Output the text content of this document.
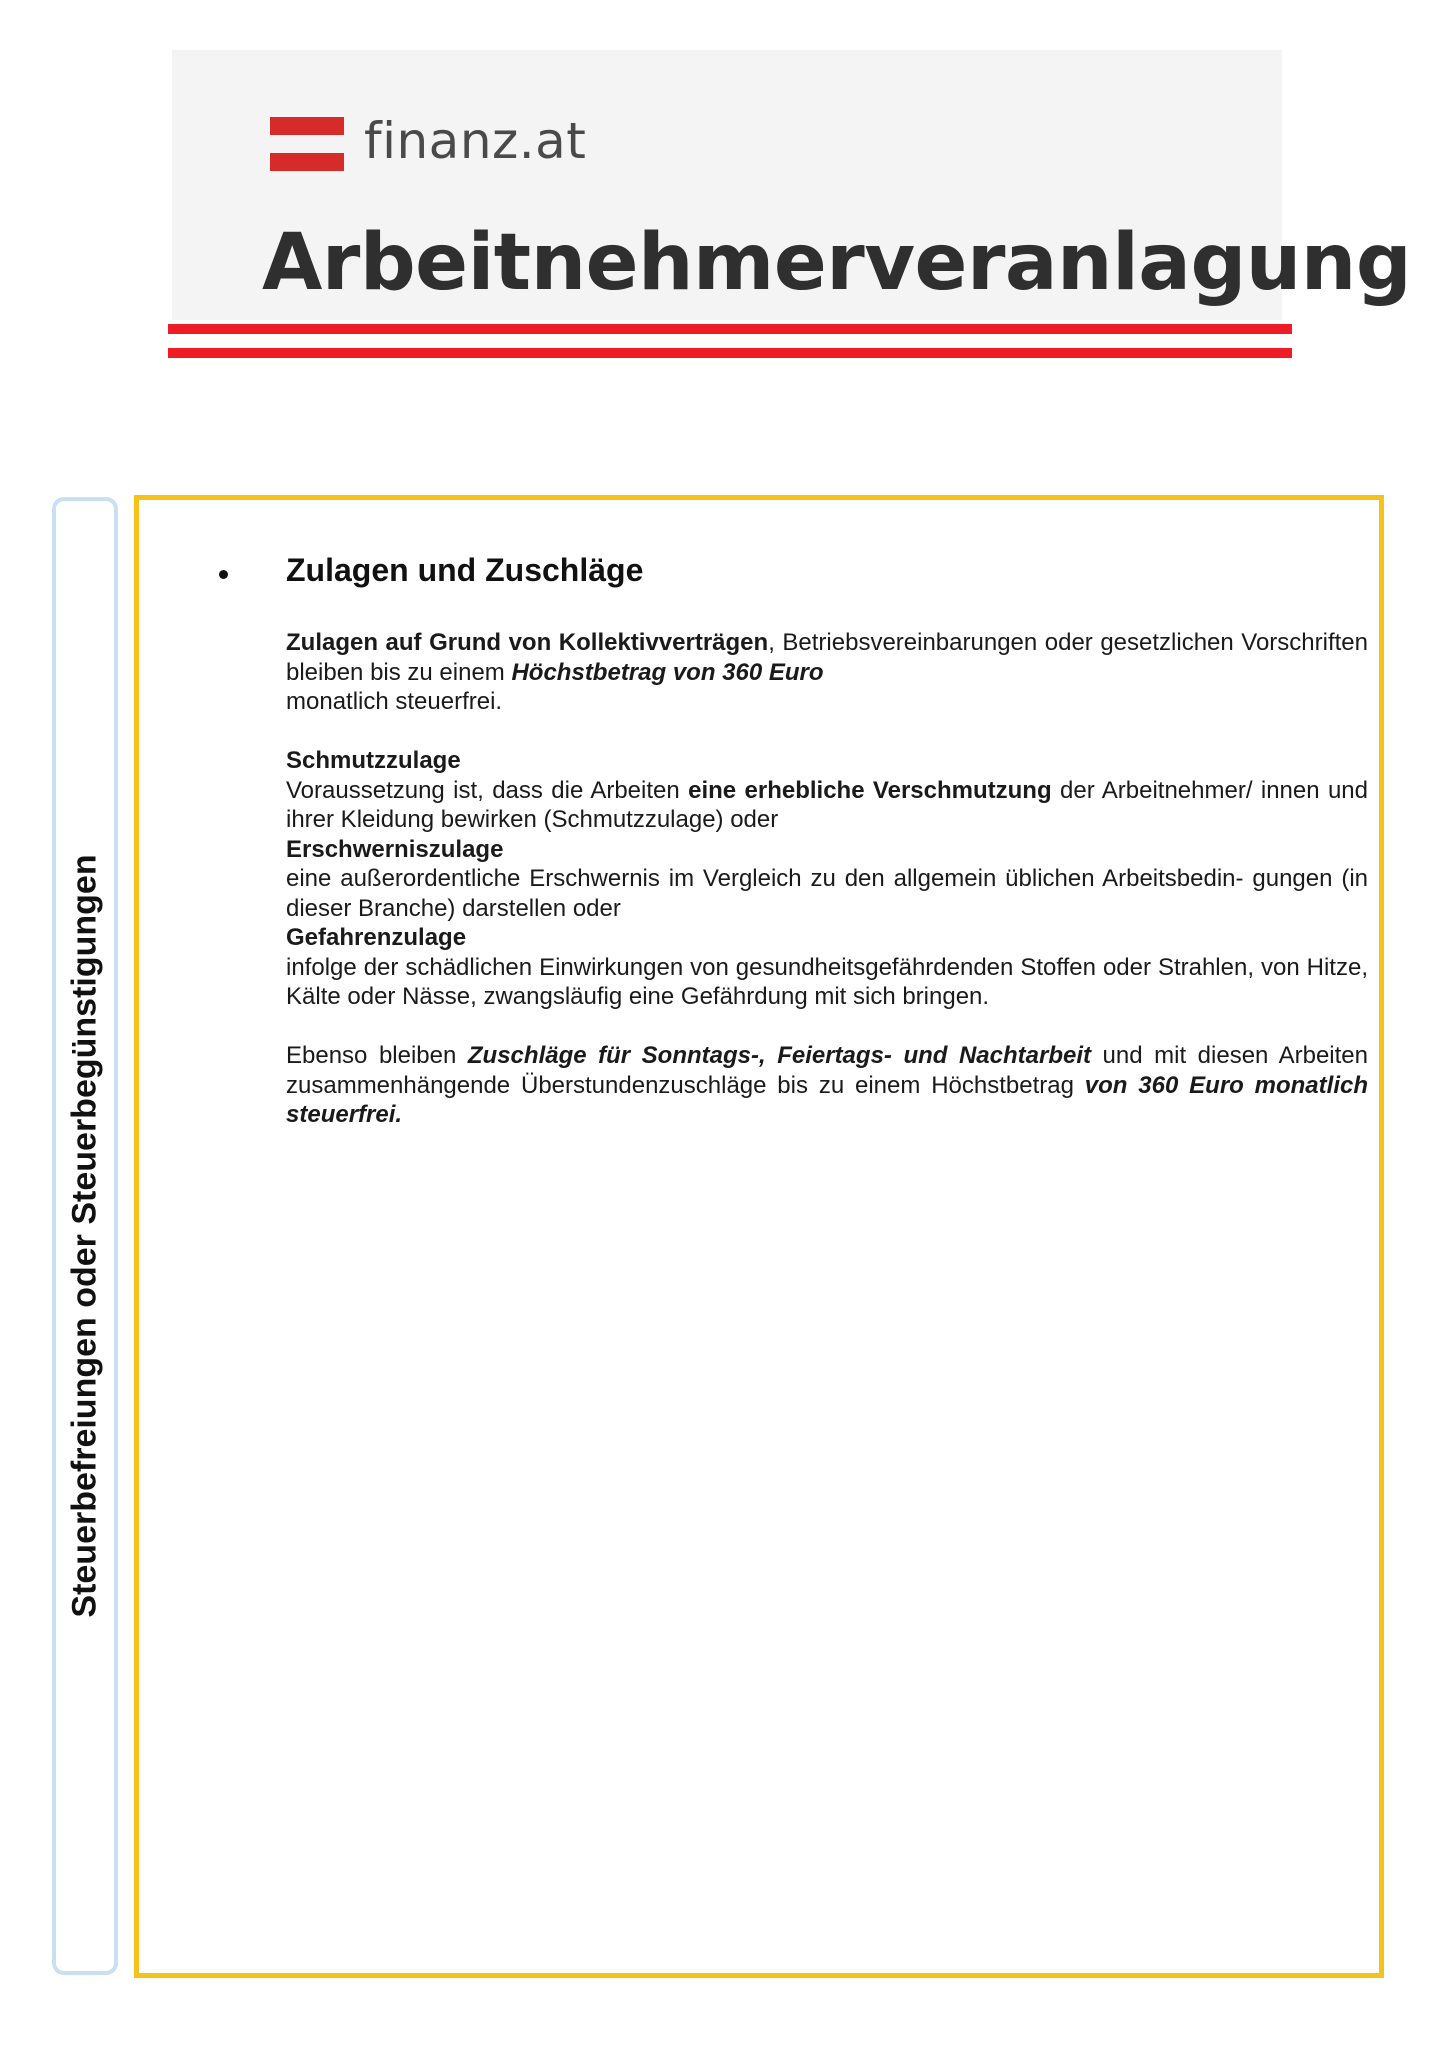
finanz.at
Arbeitnehmerveranlagung
Steuerbefreiungen oder Steuerbegünstigungen
Zulagen und Zuschläge

Zulagen auf Grund von Kollektivverträgen, Betriebsvereinbarungen oder gesetzlichen Vorschriften bleiben bis zu einem Höchstbetrag von 360 Euro

monatlich steuerfrei.

Schmutzzulage

Voraussetzung ist, dass die Arbeiten eine erhebliche Verschmutzung der Arbeitnehmer/ innen und ihrer Kleidung bewirken (Schmutzzulage) oder

Erschwerniszulage

eine außerordentliche Erschwernis im Vergleich zu den allgemein üblichen Arbeitsbedin- gungen (in dieser Branche) darstellen oder

Gefahrenzulage

infolge der schädlichen Einwirkungen von gesundheitsgefährdenden Stoffen oder Strahlen, von Hitze, Kälte oder Nässe, zwangsläufig eine Gefährdung mit sich bringen.

Ebenso bleiben Zuschläge für Sonntags-, Feiertags- und Nachtarbeit und mit diesen Arbeiten zusammenhängende Überstundenzuschläge bis zu einem Höchstbetrag von 360 Euro monatlich steuerfrei.
